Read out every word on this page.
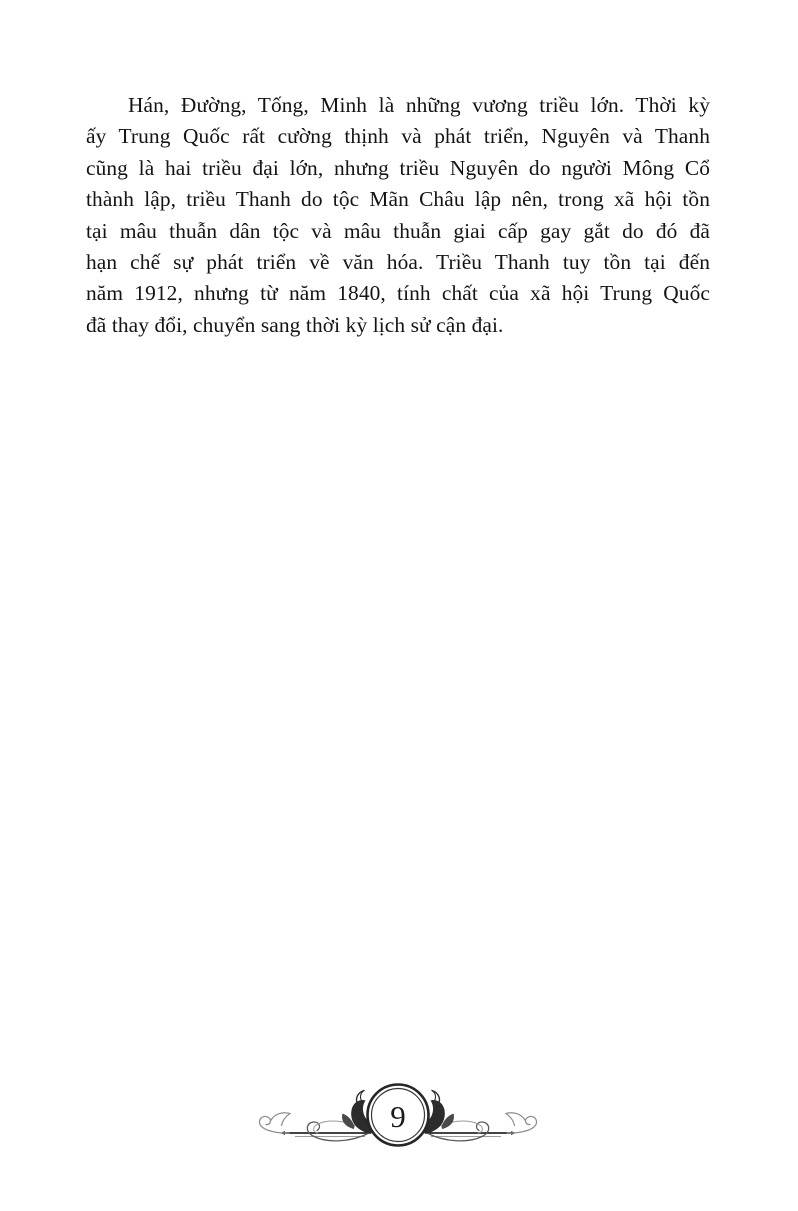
Hán, Đường, Tống, Minh là những vương triều lớn. Thời kỳ
ấy Trung Quốc rất cường thịnh và phát triển, Nguyên và Thanh
cũng là hai triều đại lớn, nhưng triều Nguyên do người Mông Cổ
thành lập, triều Thanh do tộc Mãn Châu lập nên, trong xã hội tồn
tại mâu thuẫn dân tộc và mâu thuẫn giai cấp gay gắt do đó đã
hạn chế sự phát triển về văn hóa. Triều Thanh tuy tồn tại đến
năm 1912, nhưng từ năm 1840, tính chất của xã hội Trung Quốc
đã thay đổi, chuyển sang thời kỳ lịch sử cận đại.
9
